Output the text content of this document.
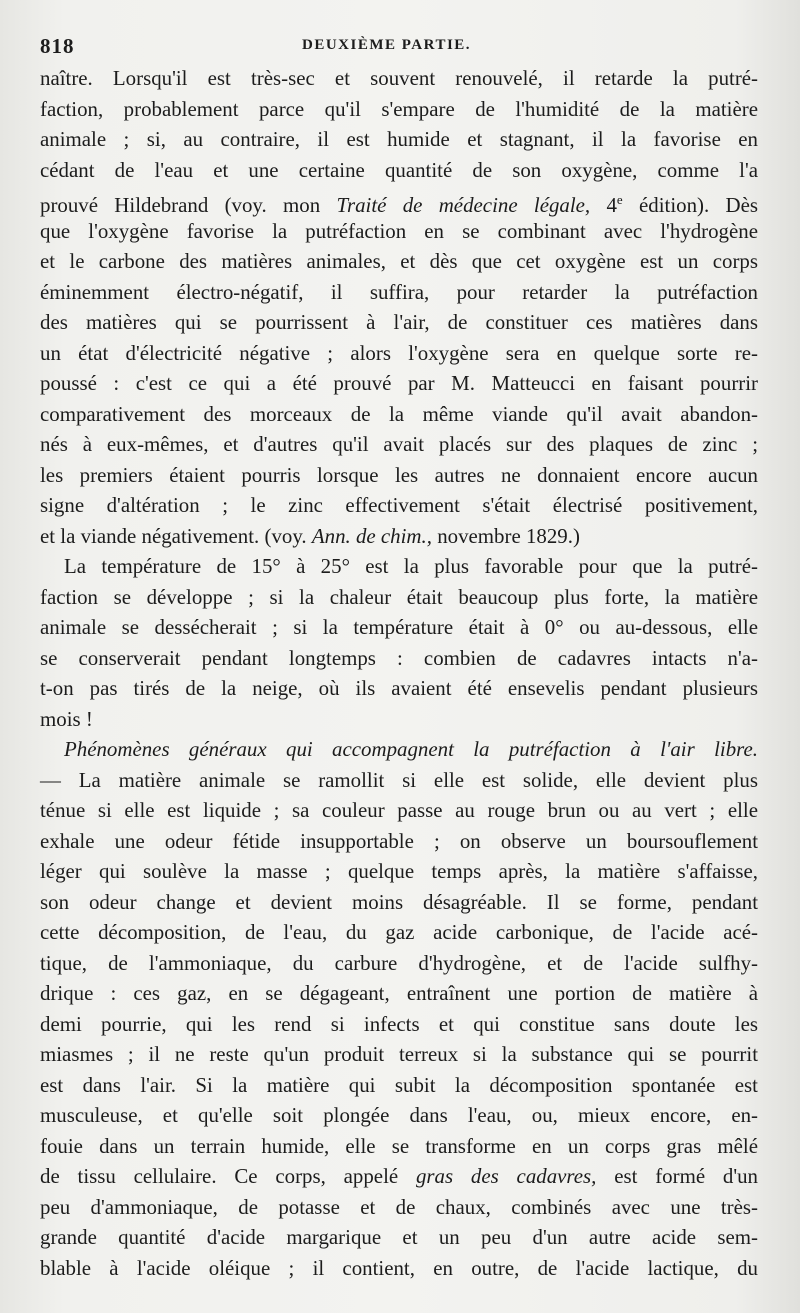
818	DEUXIÈME PARTIE.
naître. Lorsqu'il est très-sec et souvent renouvelé, il retarde la putré-
faction, probablement parce qu'il s'empare de l'humidité de la matière
animale ; si, au contraire, il est humide et stagnant, il la favorise en
cédant de l'eau et une certaine quantité de son oxygène, comme l'a
prouvé Hildebrand (voy. mon Traité de médecine légale, 4e édition). Dès
que l'oxygène favorise la putréfaction en se combinant avec l'hydrogène
et le carbone des matières animales, et dès que cet oxygène est un corps
éminemment électro-négatif, il suffira, pour retarder la putréfaction
des matières qui se pourrissent à l'air, de constituer ces matières dans
un état d'électricité négative ; alors l'oxygène sera en quelque sorte re-
poussé : c'est ce qui a été prouvé par M. Matteucci en faisant pourrir
comparativement des morceaux de la même viande qu'il avait abandon-
nés à eux-mêmes, et d'autres qu'il avait placés sur des plaques de zinc ;
les premiers étaient pourris lorsque les autres ne donnaient encore aucun
signe d'altération ; le zinc effectivement s'était électrisé positivement,
et la viande négativement. (voy. Ann. de chim., novembre 1829.)
La température de 15° à 25° est la plus favorable pour que la putré-
faction se développe ; si la chaleur était beaucoup plus forte, la matière
animale se dessécherait ; si la température était à 0° ou au-dessous, elle
se conserverait pendant longtemps : combien de cadavres intacts n'a-
t-on pas tirés de la neige, où ils avaient été ensevelis pendant plusieurs
mois !
Phénomènes généraux qui accompagnent la putréfaction à l'air libre.
— La matière animale se ramollit si elle est solide, elle devient plus
ténue si elle est liquide ; sa couleur passe au rouge brun ou au vert ; elle
exhale une odeur fétide insupportable ; on observe un boursouflement
léger qui soulève la masse ; quelque temps après, la matière s'affaisse,
son odeur change et devient moins désagréable. Il se forme, pendant
cette décomposition, de l'eau, du gaz acide carbonique, de l'acide acé-
tique, de l'ammoniaque, du carbure d'hydrogène, et de l'acide sulfhy-
drique : ces gaz, en se dégageant, entraînent une portion de matière à
demi pourrie, qui les rend si infects et qui constitue sans doute les
miasmes ; il ne reste qu'un produit terreux si la substance qui se pourrit
est dans l'air. Si la matière qui subit la décomposition spontanée est
musculeuse, et qu'elle soit plongée dans l'eau, ou, mieux encore, en-
fouie dans un terrain humide, elle se transforme en un corps gras mêlé
de tissu cellulaire. Ce corps, appelé gras des cadavres, est formé d'un
peu d'ammoniaque, de potasse et de chaux, combinés avec une très-
grande quantité d'acide margarique et un peu d'un autre acide sem-
blable à l'acide oléique ; il contient, en outre, de l'acide lactique, du
